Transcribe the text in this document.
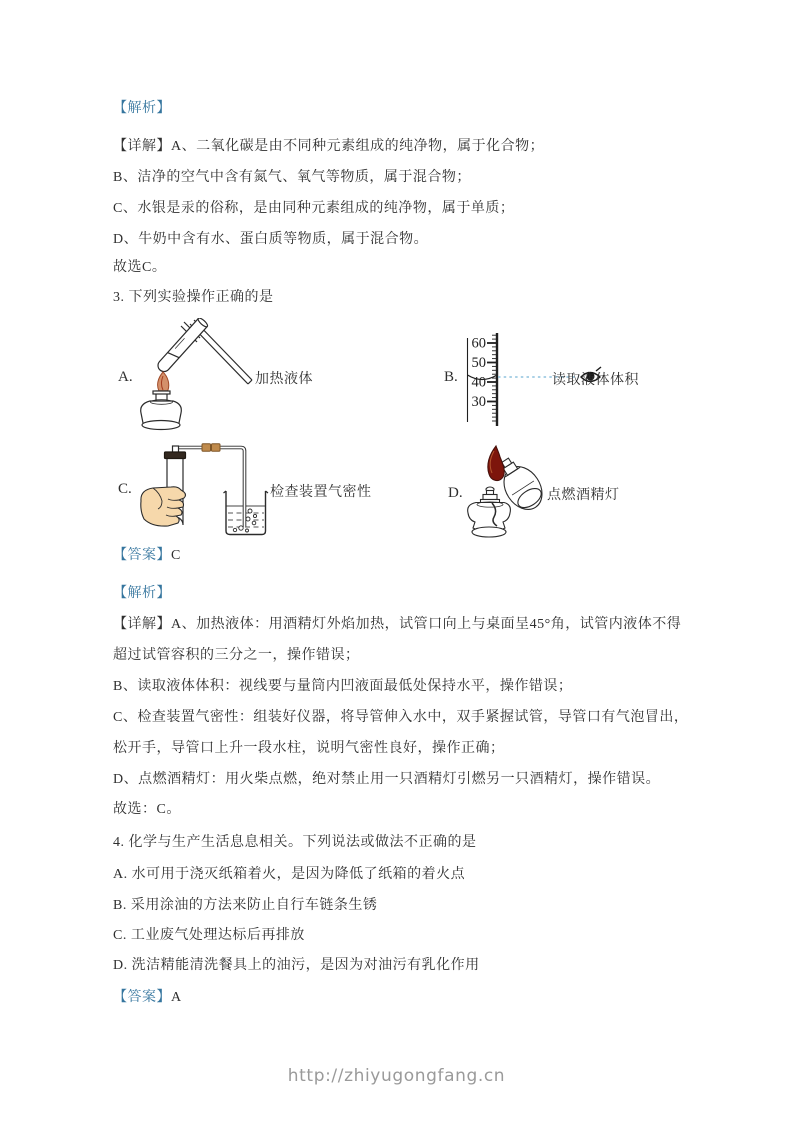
【解析】
【详解】A、二氧化碳是由不同种元素组成的纯净物，属于化合物；
B、洁净的空气中含有氮气、氧气等物质，属于混合物；
C、水银是汞的俗称，是由同种元素组成的纯净物，属于单质；
D、牛奶中含有水、蛋白质等物质，属于混合物。
故选C。
3. 下列实验操作正确的是
A.	加热液体	B.
60
50
40
30
读取液体体积
C.	检查装置气密性	D.	点燃酒精灯
【答案】C
【解析】
【详解】A、加热液体：用酒精灯外焰加热，试管口向上与桌面呈45°角，试管内液体不得
超过试管容积的三分之一，操作错误；
B、读取液体体积：视线要与量筒内凹液面最低处保持水平，操作错误；
C、检查装置气密性：组装好仪器，将导管伸入水中，双手紧握试管，导管口有气泡冒出，
松开手，导管口上升一段水柱，说明气密性良好，操作正确；
D、点燃酒精灯：用火柴点燃，绝对禁止用一只酒精灯引燃另一只酒精灯，操作错误。
故选：C。
4. 化学与生产生活息息相关。下列说法或做法不正确的是
A. 水可用于浇灭纸箱着火，是因为降低了纸箱的着火点
B. 采用涂油的方法来防止自行车链条生锈
C. 工业废气处理达标后再排放
D. 洗洁精能清洗餐具上的油污，是因为对油污有乳化作用
【答案】A
http://zhiyugongfang.cn
